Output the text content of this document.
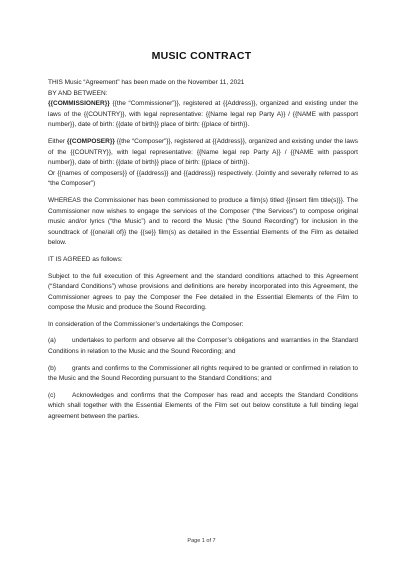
MUSIC CONTRACT

THIS Music “Agreement” has been made on the November 11, 2021

BY AND BETWEEN:

{{COMMISSIONER}} {{the “Commissioner”}}, registered at {{Address}}, organized and existing under the laws of the {{COUNTRY}}, with legal representative: {{Name legal rep Party A}} / {{NAME with passport number}}, date of birth: {{date of birth}} place of birth: {{place of birth}}.

Either {{COMPOSER}} {{the “Composer”}}, registered at {{Address}}, organized and existing under the laws of the {{COUNTRY}}, with legal representative: {{Name legal rep Party A}} / {{NAME with passport number}}, date of birth: {{date of birth}} place of birth: {{place of birth}}.

Or {{names of composers}} of {{address}} and {{address}} respectively. (Jointly and severally referred to as “the Composer”)

WHEREAS the Commissioner has been commissioned to produce a film(s) titled {{insert film title(s)}}. The Commissioner now wishes to engage the services of the Composer (“the Services”) to compose original music and/or lyrics (“the Music”) and to record the Music (“the Sound Recording”) for inclusion in the soundtrack of {{one/all of}} the {{se}} film(s) as detailed in the Essential Elements of the Film as detailed below.

IT IS AGREED as follows:

Subject to the full execution of this Agreement and the standard conditions attached to this Agreement (“Standard Conditions”) whose provisions and definitions are hereby incorporated into this Agreement, the Commissioner agrees to pay the Composer the Fee detailed in the Essential Elements of the Film to compose the Music and produce the Sound Recording.

In consideration of the Commissioner’s undertakings the Composer:

(a) undertakes to perform and observe all the Composer’s obligations and warranties in the Standard Conditions in relation to the Music and the Sound Recording; and

(b) grants and confirms to the Commissioner all rights required to be granted or confirmed in relation to the Music and the Sound Recording pursuant to the Standard Conditions; and

(c)	Acknowledges and confirms that the Composer has read and accepts the Standard Conditions which shall together with the Essential Elements of the Film set out below constitute a full binding legal agreement between the parties.

Page 1 of 7
